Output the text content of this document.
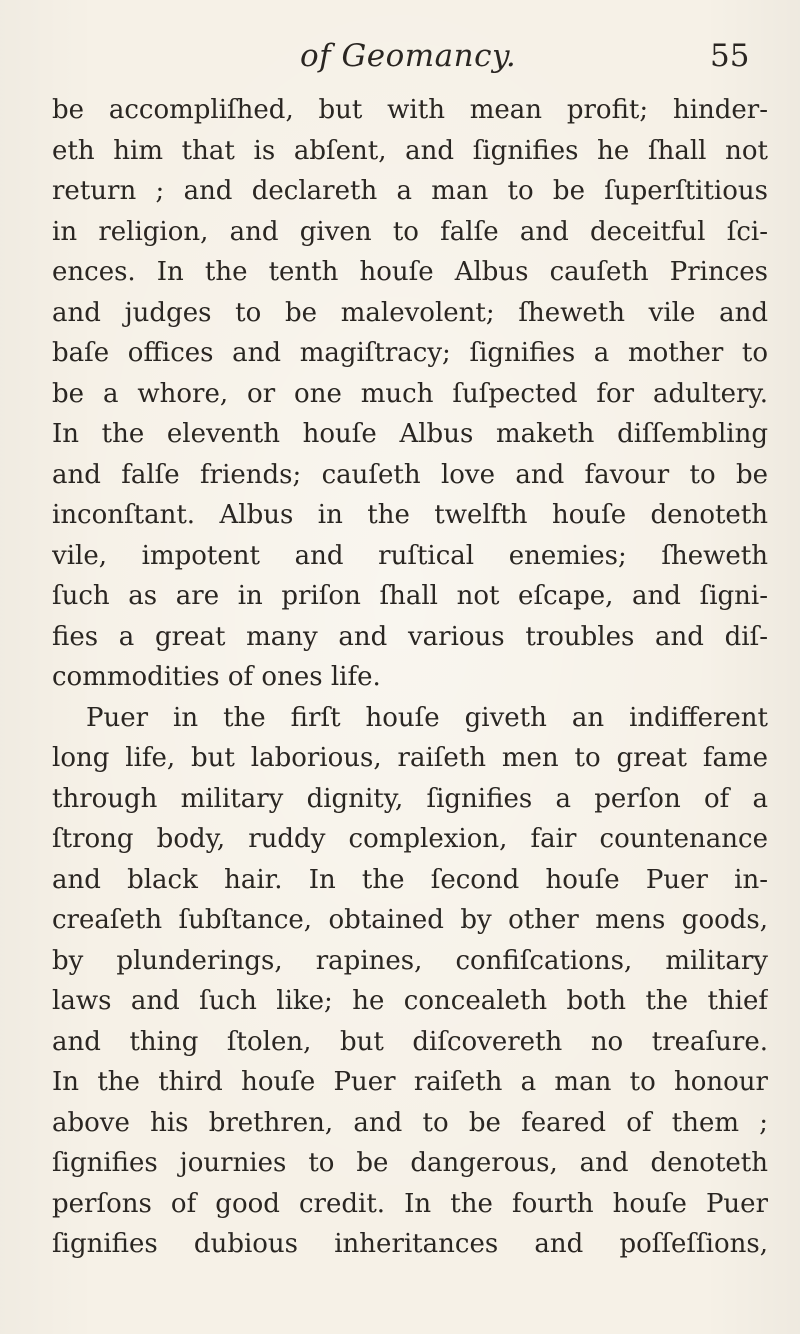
of Geomancy.	55
be accompliſhed, but with mean profit; hinder-
eth him that is abſent, and ſignifies he ſhall not
return ; and declareth a man to be ſuperſtitious
in religion, and given to falſe and deceitful ſci-
ences. In the tenth houſe Albus cauſeth Princes
and judges to be malevolent; ſheweth vile and
baſe offices and magiſtracy; ſignifies a mother to
be a whore, or one much ſuſpected for adultery.
In the eleventh houſe Albus maketh diſſembling
and falſe friends; cauſeth love and favour to be
inconſtant. Albus in the twelfth houſe denoteth
vile, impotent and ruſtical enemies; ſheweth
ſuch as are in priſon ſhall not eſcape, and ſigni-
fies a great many and various troubles and diſ-
commodities of ones life.
Puer in the firſt houſe giveth an indifferent
long life, but laborious, raiſeth men to great fame
through military dignity, ſignifies a perſon of a
ſtrong body, ruddy complexion, fair countenance
and black hair. In the ſecond houſe Puer in-
creaſeth ſubſtance, obtained by other mens goods,
by plunderings, rapines, confiſcations, military
laws and ſuch like; he concealeth both the thief
and thing ſtolen, but diſcovereth no treaſure.
In the third houſe Puer raiſeth a man to honour
above his brethren, and to be feared of them ;
ſignifies journies to be dangerous, and denoteth
perſons of good credit. In the fourth houſe Puer
ſignifies dubious inheritances and poſſeſſions,
